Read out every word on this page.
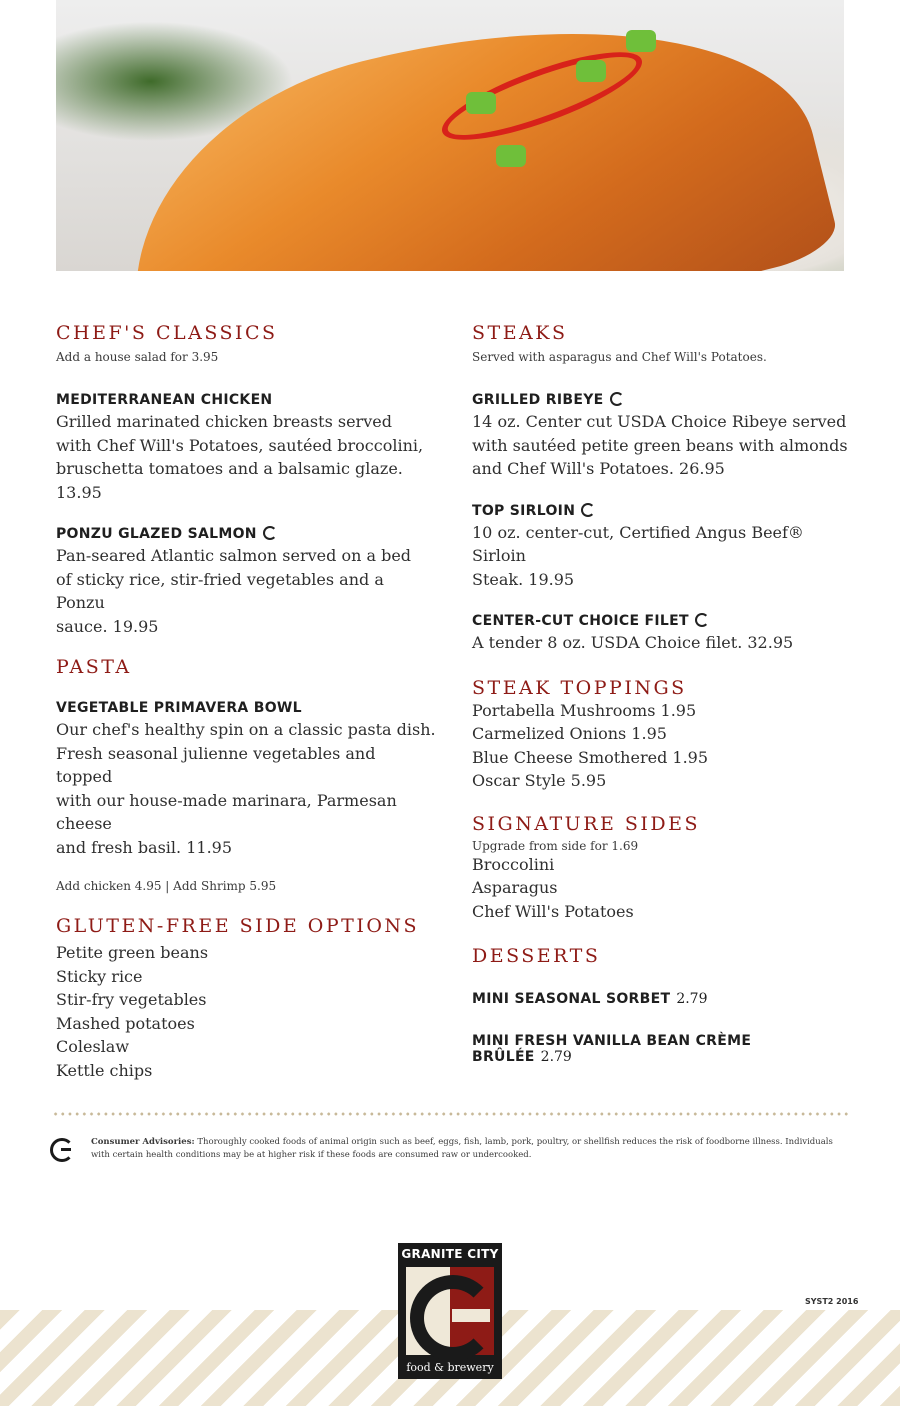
CHEF'S CLASSICS

Add a house salad for 3.95

MEDITERRANEAN CHICKEN

Grilled marinated chicken breasts served
with Chef Will's Potatoes, sautéed broccolini,
bruschetta tomatoes and a balsamic glaze. 13.95

PONZU GLAZED SALMON

Pan-seared Atlantic salmon served on a bed
of sticky rice, stir-fried vegetables and a Ponzu
sauce. 19.95

PASTA

VEGETABLE PRIMAVERA BOWL

Our chef's healthy spin on a classic pasta dish.
Fresh seasonal julienne vegetables and topped
with our house-made marinara, Parmesan cheese
and fresh basil. 11.95

Add chicken 4.95 | Add Shrimp 5.95

GLUTEN-FREE SIDE OPTIONS

Petite green beans

Sticky rice

Stir-fry vegetables

Mashed potatoes

Coleslaw

Kettle chips

STEAKS

Served with asparagus and Chef Will's Potatoes.

GRILLED RIBEYE

14 oz. Center cut USDA Choice Ribeye served
with sautéed petite green beans with almonds
and Chef Will's Potatoes. 26.95

TOP SIRLOIN

10 oz. center-cut, Certified Angus Beef® Sirloin
Steak. 19.95

CENTER-CUT CHOICE FILET

A tender 8 oz. USDA Choice filet. 32.95

STEAK TOPPINGS

Portabella Mushrooms 1.95

Carmelized Onions 1.95

Blue Cheese Smothered 1.95

Oscar Style 5.95

SIGNATURE SIDES

Upgrade from side for 1.69

Broccolini

Asparagus

Chef Will's Potatoes

DESSERTS

MINI SEASONAL SORBET 2.79

MINI FRESH VANILLA BEAN CRÈME BRÛLÉE 2.79

Consumer Advisories: Thoroughly cooked foods of animal origin such as beef, eggs, fish, lamb, pork, poultry, or shellfish reduces the risk of foodborne illness. Individuals with certain health conditions may be at higher risk if these foods are consumed raw or undercooked.
GRANITE CITY
food & brewery
SYST2 2016
